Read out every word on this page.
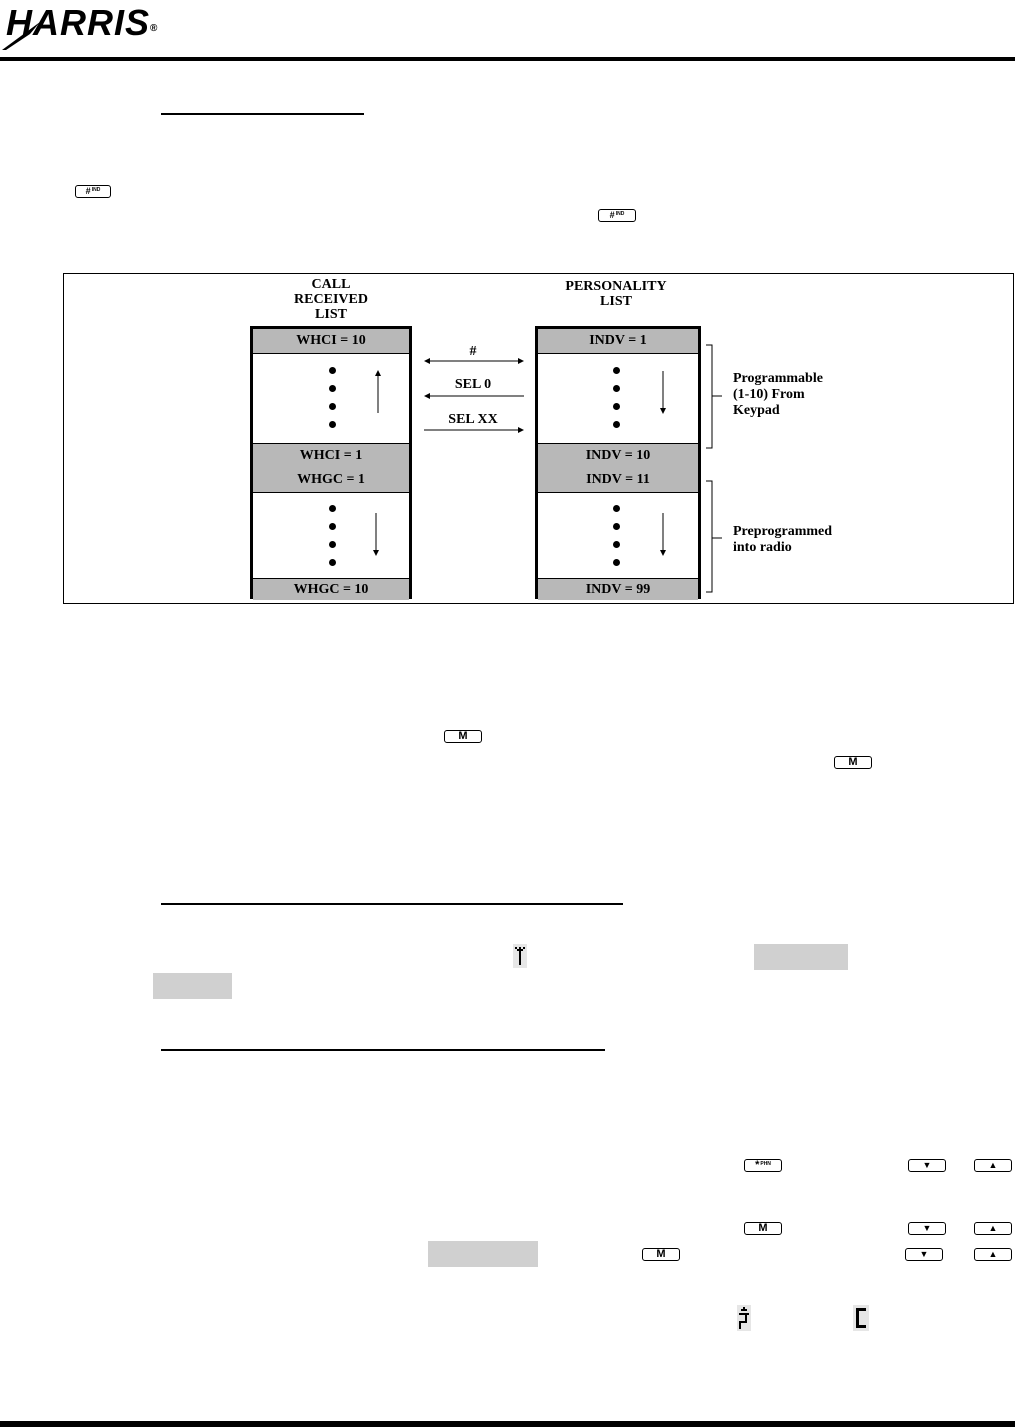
HARRIS®
#$^{IND}$
#$^{IND}$
CALL
RECEIVED
LIST
PERSONALITY
LIST
WHCI = 10
WHCI = 1
WHGC = 1
WHGC = 10
INDV = 1
INDV = 10
INDV = 11
INDV = 99
#
SEL 0
SEL XX
Programmable
(1-10) From
Keypad
Preprogrammed
into radio
M
M
*$^{PHN}$	▼	▲
M	▼	▲
M	▼	▲
